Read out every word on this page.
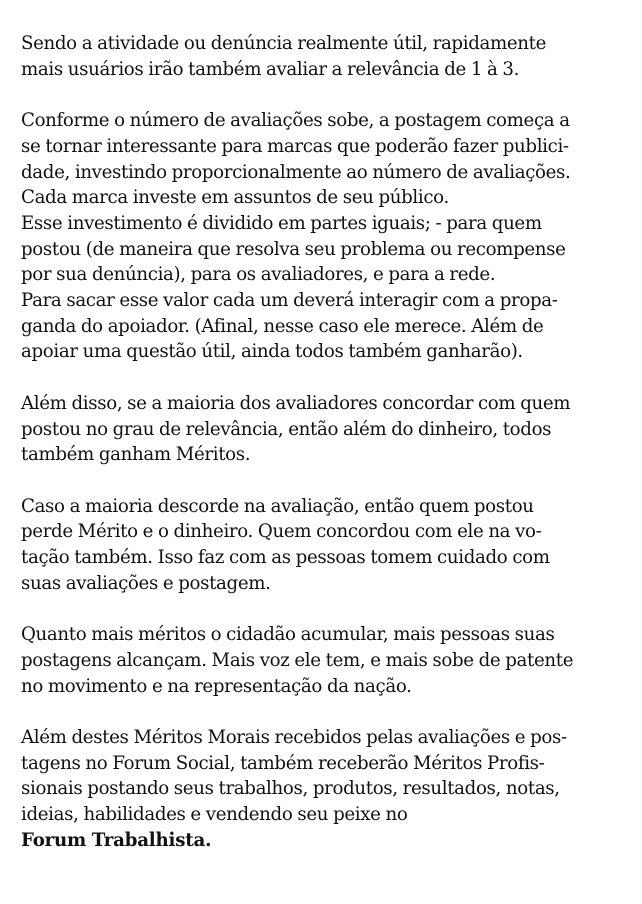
Sendo a atividade ou denúncia realmente útil, rapidamente
mais usuários irão também avaliar a relevância de 1 à 3.

Conforme o número de avaliações sobe, a postagem começa a
se tornar interessante para marcas que poderão fazer publici-
dade, investindo proporcionalmente ao número de avaliações.
Cada marca investe em assuntos de seu público.
Esse investimento é dividido em partes iguais; - para quem
postou (de maneira que resolva seu problema ou recompense
por sua denúncia), para os avaliadores, e para a rede.
Para sacar esse valor cada um deverá interagir com a propa-
ganda do apoiador. (Afinal, nesse caso ele merece. Além de
apoiar uma questão útil, ainda todos também ganharão).

Além disso, se a maioria dos avaliadores concordar com quem
postou no grau de relevância, então além do dinheiro, todos
também ganham Méritos.

Caso a maioria descorde na avaliação, então quem postou
perde Mérito e o dinheiro. Quem concordou com ele na vo-
tação também. Isso faz com as pessoas tomem cuidado com
suas avaliações e postagem.

Quanto mais méritos o cidadão acumular, mais pessoas suas
postagens alcançam. Mais voz ele tem, e mais sobe de patente
no movimento e na representação da nação.

Além destes Méritos Morais recebidos pelas avaliações e pos-
tagens no Forum Social, também receberão Méritos Profis-
sionais postando seus trabalhos, produtos, resultados, notas,
ideias, habilidades e vendendo seu peixe no
Forum Trabalhista.
